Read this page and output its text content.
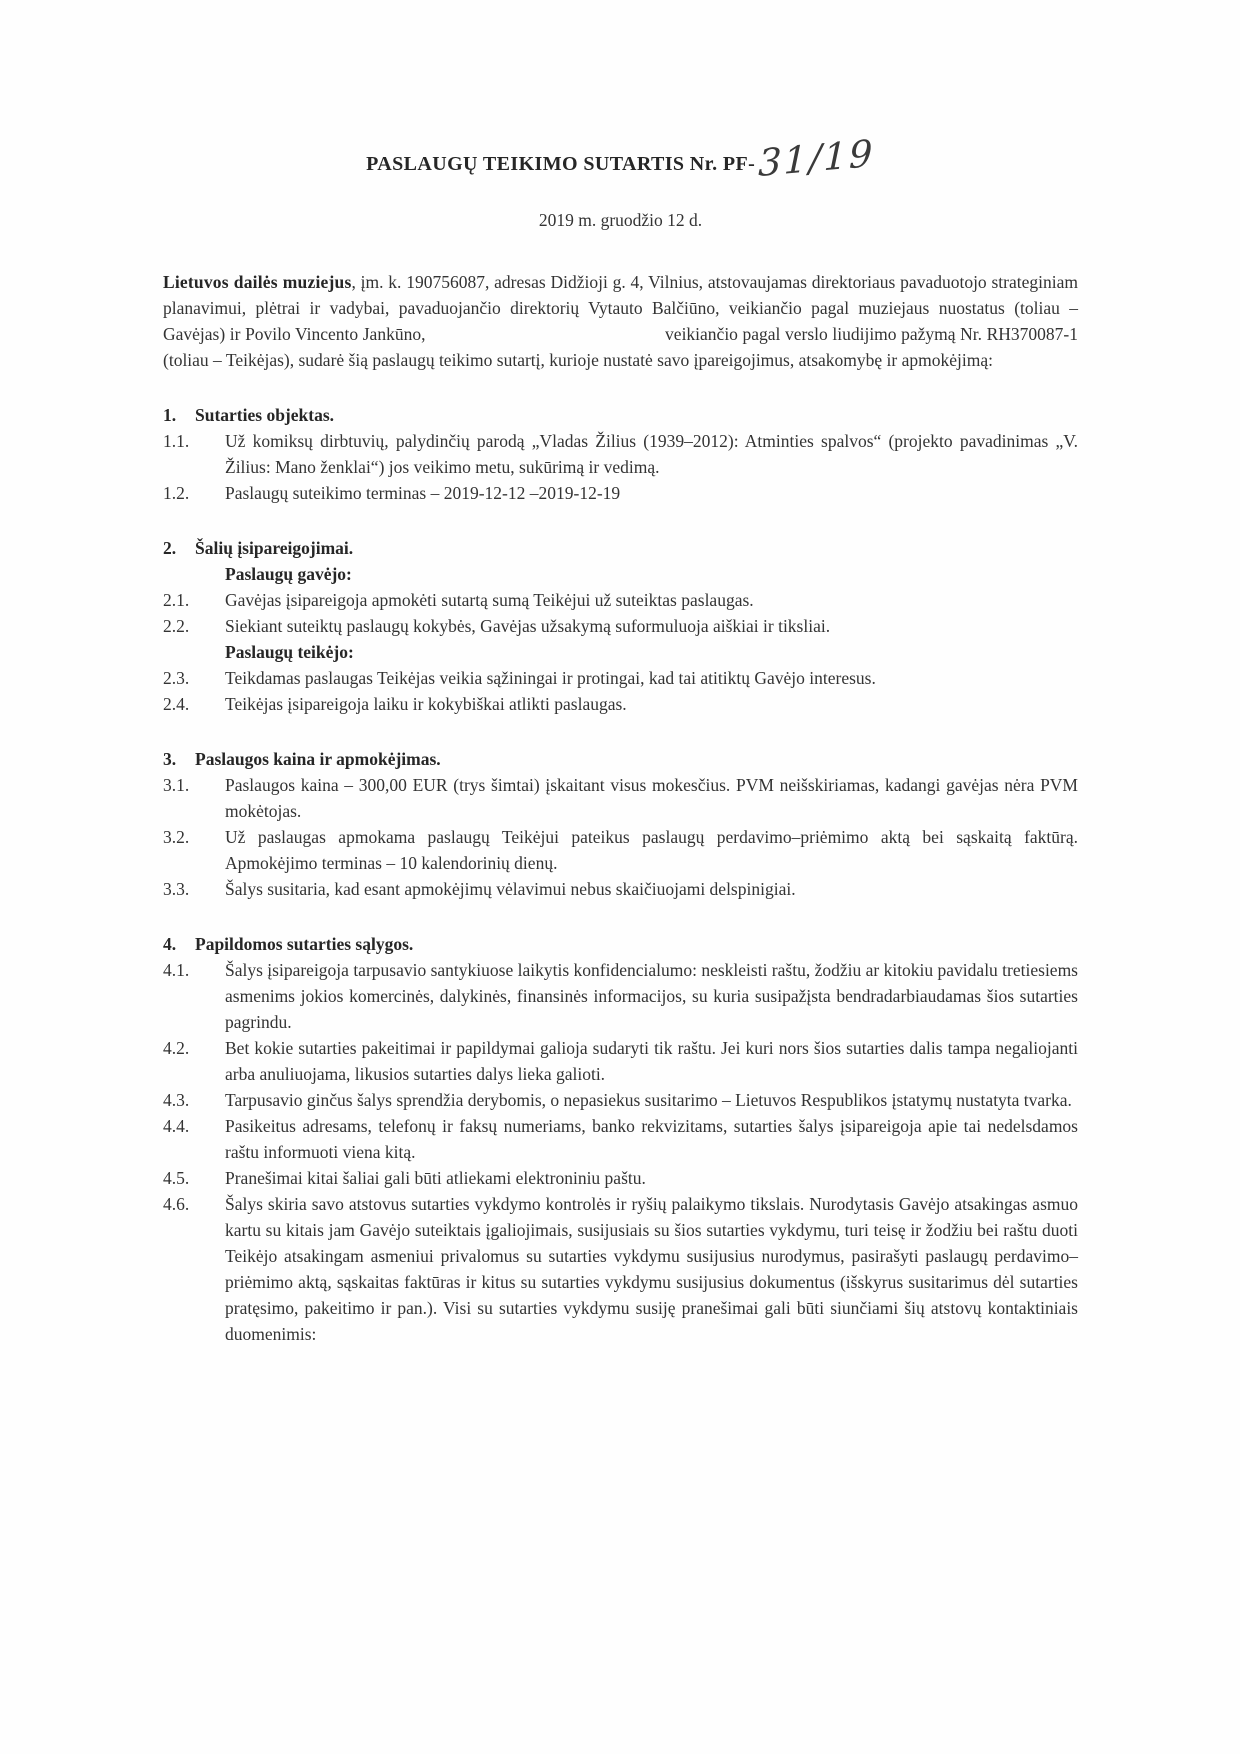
PASLAUGŲ TEIKIMO SUTARTIS Nr. PF-31/19
2019 m. gruodžio 12 d.

Lietuvos dailės muziejus, įm. k. 190756087, adresas Didžioji g. 4, Vilnius, atstovaujamas direktoriaus pavaduotojo strateginiam planavimui, plėtrai ir vadybai, pavaduojančio direktorių Vytauto Balčiūno, veikiančio pagal muziejaus nuostatus (toliau – Gavėjas) ir Povilo Vincento Jankūno,	veikiančio pagal verslo liudijimo pažymą Nr. RH370087-1 (toliau – Teikėjas), sudarė šią paslaugų teikimo sutartį, kurioje nustatė savo įpareigojimus, atsakomybę ir apmokėjimą:

1.	Sutarties objektas.
1.1.	Už komiksų dirbtuvių, palydinčių parodą „Vladas Žilius (1939–2012): Atminties spalvos“ (projekto pavadinimas „V. Žilius: Mano ženklai“) jos veikimo metu, sukūrimą ir vedimą.
1.2.	Paslaugų suteikimo terminas – 2019-12-12 –2019-12-19
2.	Šalių įsipareigojimai.
Paslaugų gavėjo:
2.1.	Gavėjas įsipareigoja apmokėti sutartą sumą Teikėjui už suteiktas paslaugas.
2.2.	Siekiant suteiktų paslaugų kokybės, Gavėjas užsakymą suformuluoja aiškiai ir tiksliai.
Paslaugų teikėjo:
2.3.	Teikdamas paslaugas Teikėjas veikia sąžiningai ir protingai, kad tai atitiktų Gavėjo interesus.
2.4.	Teikėjas įsipareigoja laiku ir kokybiškai atlikti paslaugas.
3.	Paslaugos kaina ir apmokėjimas.
3.1.	Paslaugos kaina – 300,00 EUR (trys šimtai) įskaitant visus mokesčius. PVM neišskiriamas, kadangi gavėjas nėra PVM mokėtojas.
3.2.	Už paslaugas apmokama paslaugų Teikėjui pateikus paslaugų perdavimo–priėmimo aktą bei sąskaitą faktūrą. Apmokėjimo terminas – 10 kalendorinių dienų.
3.3.	Šalys susitaria, kad esant apmokėjimų vėlavimui nebus skaičiuojami delspinigiai.
4.	Papildomos sutarties sąlygos.
4.1.	Šalys įsipareigoja tarpusavio santykiuose laikytis konfidencialumo: neskleisti raštu, žodžiu ar kitokiu pavidalu tretiesiems asmenims jokios komercinės, dalykinės, finansinės informacijos, su kuria susipažįsta bendradarbiaudamas šios sutarties pagrindu.
4.2.	Bet kokie sutarties pakeitimai ir papildymai galioja sudaryti tik raštu. Jei kuri nors šios sutarties dalis tampa negaliojanti arba anuliuojama, likusios sutarties dalys lieka galioti.
4.3.	Tarpusavio ginčus šalys sprendžia derybomis, o nepasiekus susitarimo – Lietuvos Respublikos įstatymų nustatyta tvarka.
4.4.	Pasikeitus adresams, telefonų ir faksų numeriams, banko rekvizitams, sutarties šalys įsipareigoja apie tai nedelsdamos raštu informuoti viena kitą.
4.5.	Pranešimai kitai šaliai gali būti atliekami elektroniniu paštu.
4.6.	Šalys skiria savo atstovus sutarties vykdymo kontrolės ir ryšių palaikymo tikslais. Nurodytasis Gavėjo atsakingas asmuo kartu su kitais jam Gavėjo suteiktais įgaliojimais, susijusiais su šios sutarties vykdymu, turi teisę ir žodžiu bei raštu duoti Teikėjo atsakingam asmeniui privalomus su sutarties vykdymu susijusius nurodymus, pasirašyti paslaugų perdavimo–priėmimo aktą, sąskaitas faktūras ir kitus su sutarties vykdymu susijusius dokumentus (išskyrus susitarimus dėl sutarties pratęsimo, pakeitimo ir pan.). Visi su sutarties vykdymu susiję pranešimai gali būti siunčiami šių atstovų kontaktiniais duomenimis:
